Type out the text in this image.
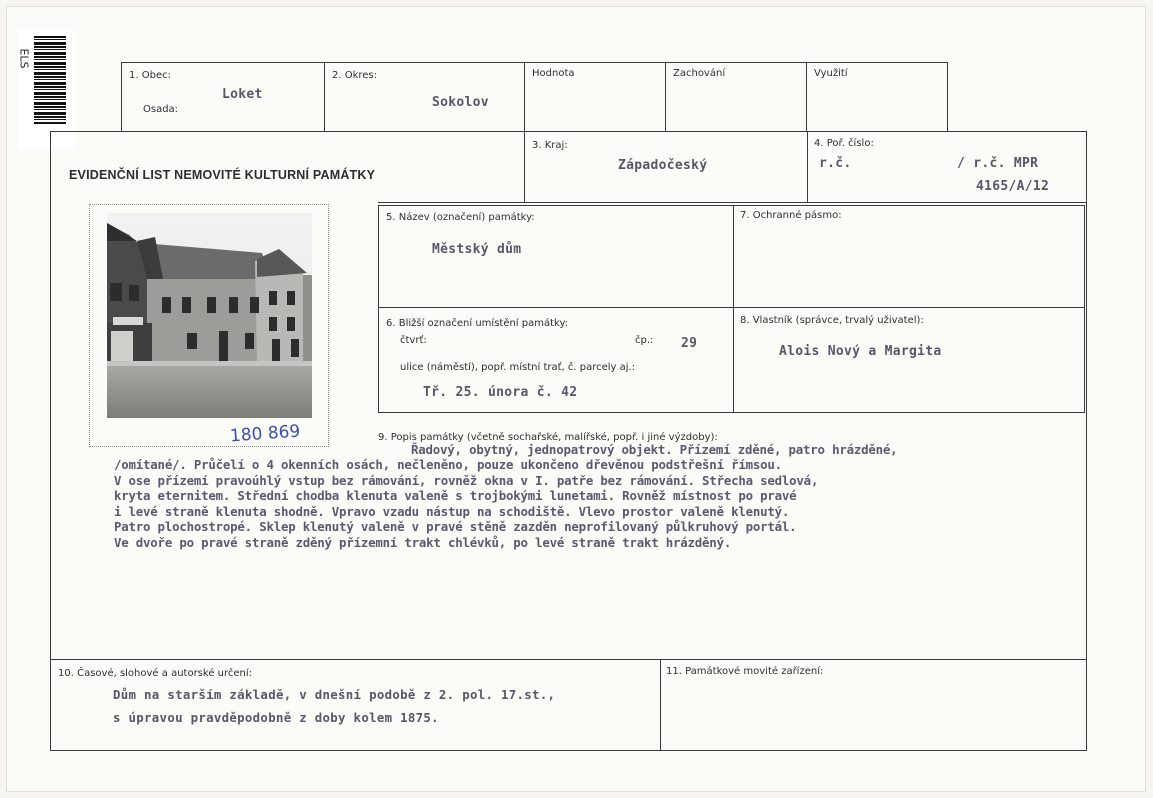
ELS
1. Obec:
Osada:
Loket
2. Okres:
Sokolov
Hodnota	Zachování	Využití
EVIDENČNÍ LIST NEMOVITÉ KULTURNÍ PAMÁTKY
3. Kraj:
Západočeský
4. Poř. číslo:
r.č.	/ r.č. MPR
4165/A/12
5. Název (označení) památky:
Městský dům
7. Ochranné pásmo:
6. Bližší označení umístění památky:
čtvrť:	čp.: 29
ulice (náměstí), popř. místní trať, č. parcely aj.:
Tř. 25. února č. 42
8. Vlastník (správce, trvalý uživatel):
Alois Nový a Margita
180 869	9. Popis památky (včetně sochařské, malířské, popř. i jiné výzdoby):
Řadový, obytný, jednopatrový objekt. Přízemí zděné, patro hrázděné,
/omítané/. Průčelí o 4 okenních osách, nečleněno, pouze ukončeno dřevěnou podstřešní římsou.
V ose přízemí pravoúhlý vstup bez rámování, rovněž okna v I. patře bez rámování. Střecha sedlová,
kryta eternitem. Střední chodba klenuta valeně s trojbokými lunetami. Rovněž místnost po pravé
i levé straně klenuta shodně. Vpravo vzadu nástup na schodiště. Vlevo prostor valeně klenutý.
Patro plochostropé. Sklep klenutý valeně v pravé stěně zazděn neprofilovaný půlkruhový portál.
Ve dvoře po pravé straně zděný přízemní trakt chlévků, po levé straně trakt hrázděný.
10. Časové, slohové a autorské určení:
Dům na starším základě, v dnešní podobě z 2. pol. 17.st.,
s úpravou pravděpodobně z doby kolem 1875.
11. Památkové movité zařízení:
